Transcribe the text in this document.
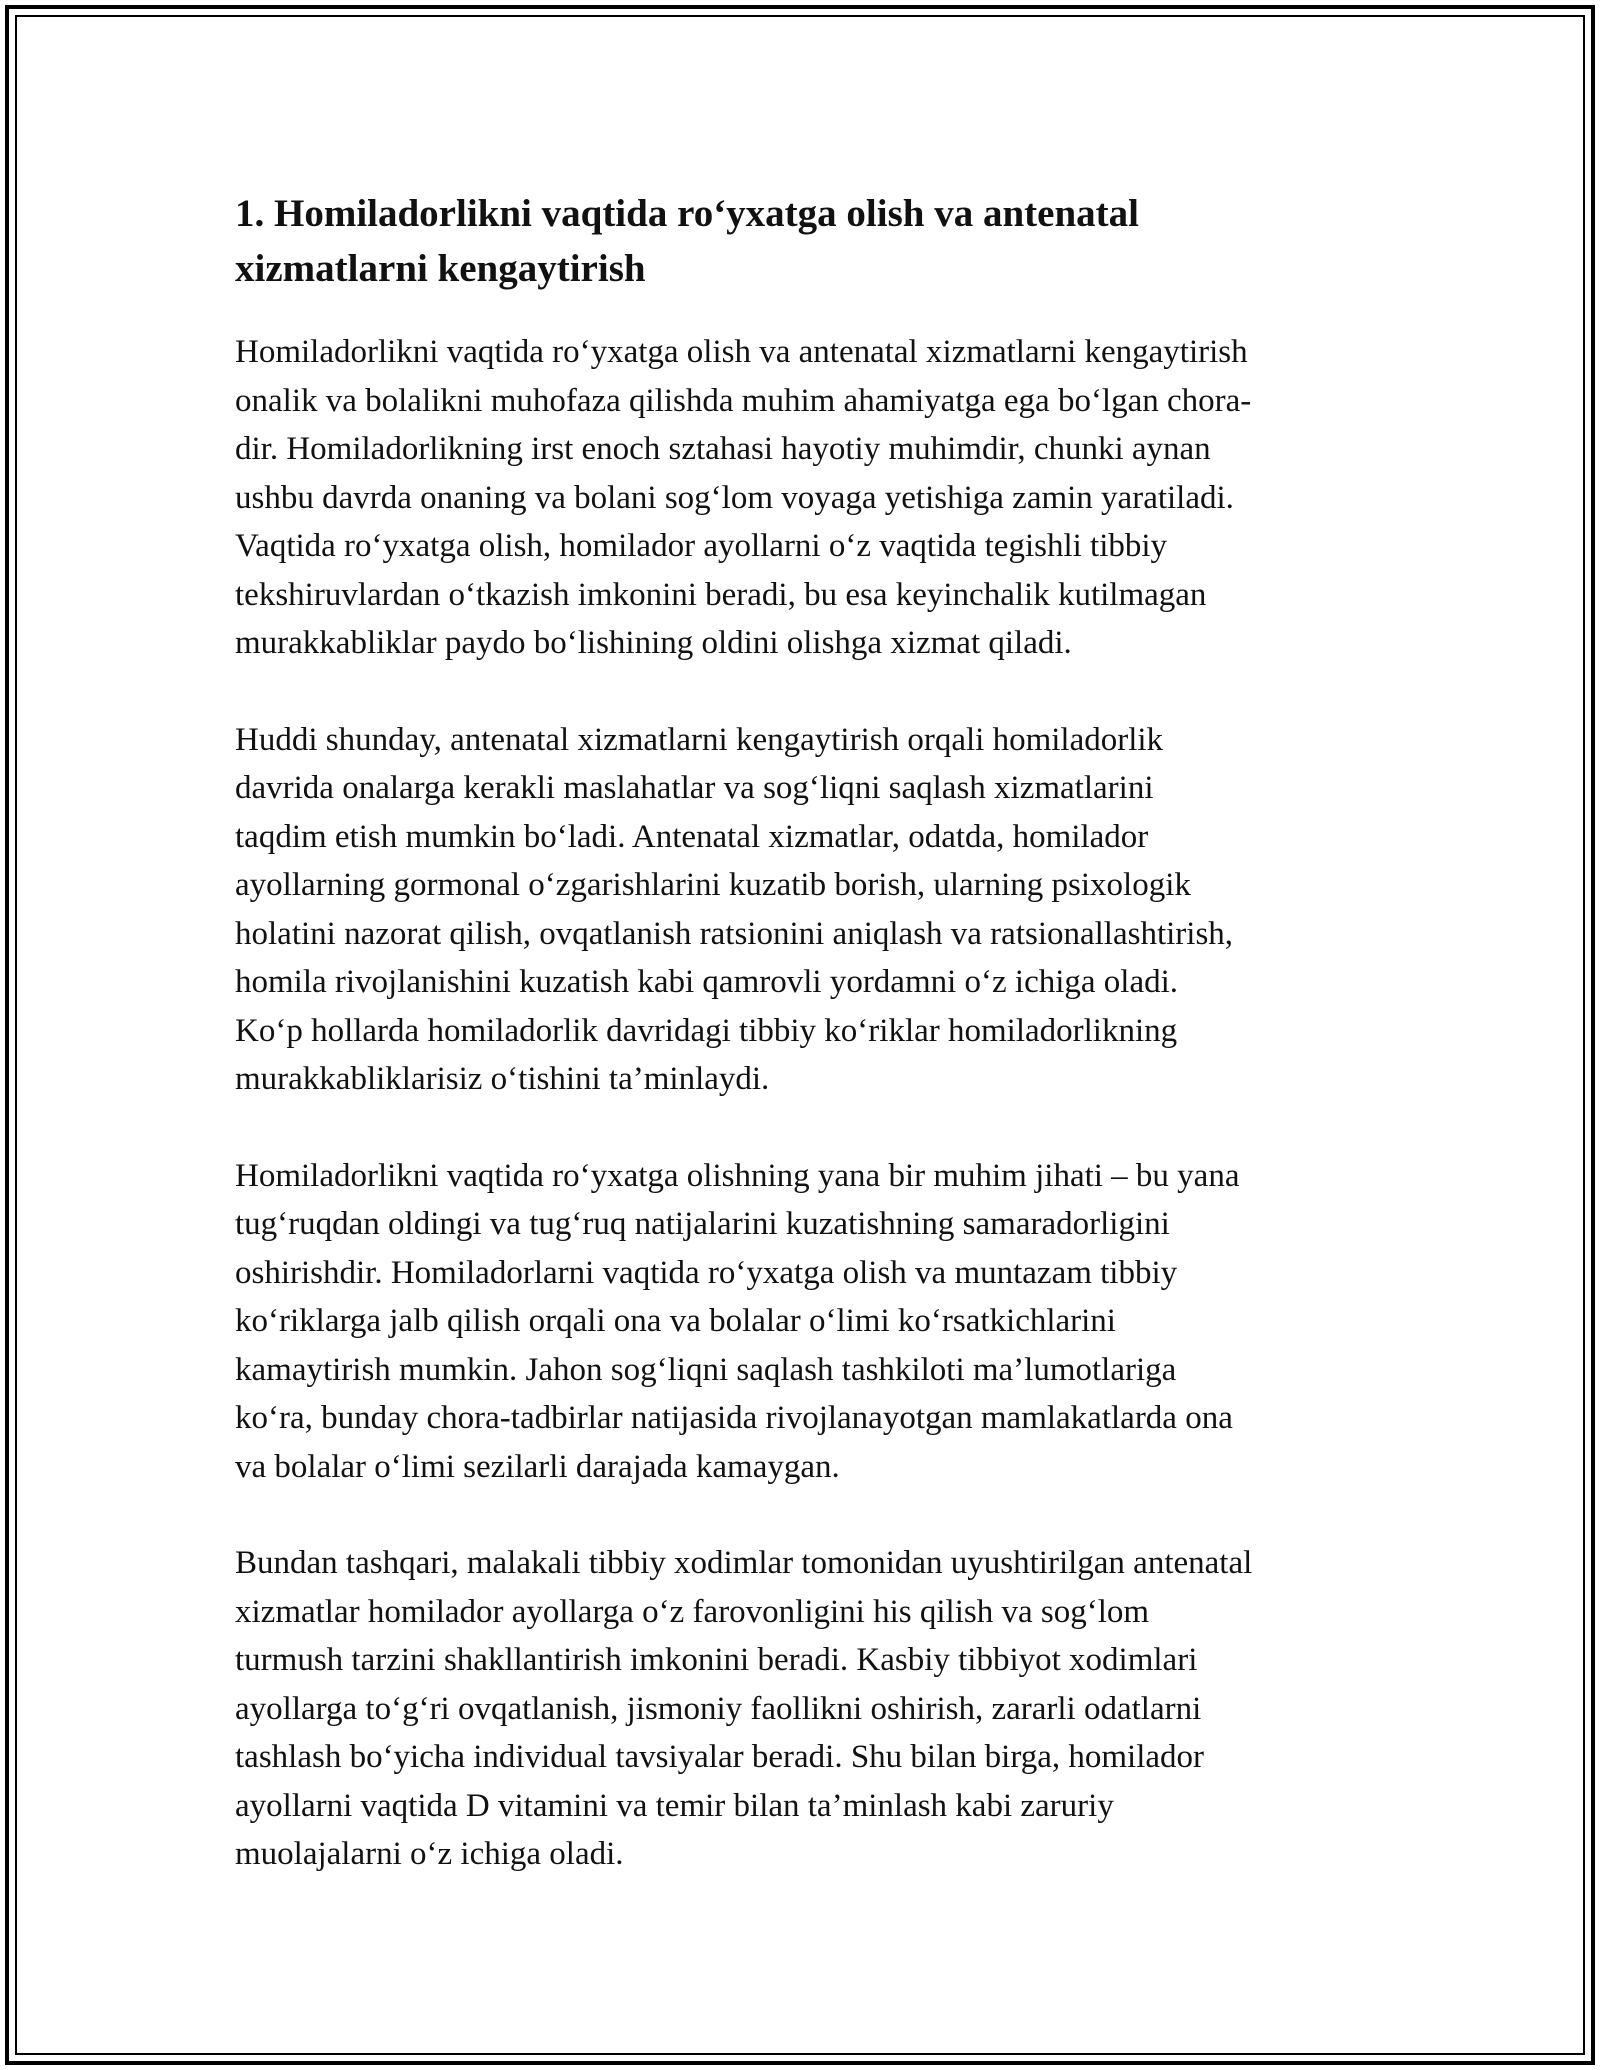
1. Homiladorlikni vaqtida ro‘yxatga olish va antenatal
xizmatlarni kengaytirish

Homiladorlikni vaqtida ro‘yxatga olish va antenatal xizmatlarni kengaytirish
onalik va bolalikni muhofaza qilishda muhim ahamiyatga ega bo‘lgan chora-
dir. Homiladorlikning irst enoch sztahasi hayotiy muhimdir, chunki aynan
ushbu davrda onaning va bolani sog‘lom voyaga yetishiga zamin yaratiladi.
Vaqtida ro‘yxatga olish, homilador ayollarni o‘z vaqtida tegishli tibbiy
tekshiruvlardan o‘tkazish imkonini beradi, bu esa keyinchalik kutilmagan
murakkabliklar paydo bo‘lishining oldini olishga xizmat qiladi.

Huddi shunday, antenatal xizmatlarni kengaytirish orqali homiladorlik
davrida onalarga kerakli maslahatlar va sog‘liqni saqlash xizmatlarini
taqdim etish mumkin bo‘ladi. Antenatal xizmatlar, odatda, homilador
ayollarning gormonal o‘zgarishlarini kuzatib borish, ularning psixologik
holatini nazorat qilish, ovqatlanish ratsionini aniqlash va ratsionallashtirish,
homila rivojlanishini kuzatish kabi qamrovli yordamni o‘z ichiga oladi.
Ko‘p hollarda homiladorlik davridagi tibbiy ko‘riklar homiladorlikning
murakkabliklarisiz o‘tishini ta’minlaydi.

Homiladorlikni vaqtida ro‘yxatga olishning yana bir muhim jihati – bu yana
tug‘ruqdan oldingi va tug‘ruq natijalarini kuzatishning samaradorligini
oshirishdir. Homiladorlarni vaqtida ro‘yxatga olish va muntazam tibbiy
ko‘riklarga jalb qilish orqali ona va bolalar o‘limi ko‘rsatkichlarini
kamaytirish mumkin. Jahon sog‘liqni saqlash tashkiloti ma’lumotlariga
ko‘ra, bunday chora-tadbirlar natijasida rivojlanayotgan mamlakatlarda ona
va bolalar o‘limi sezilarli darajada kamaygan.

Bundan tashqari, malakali tibbiy xodimlar tomonidan uyushtirilgan antenatal
xizmatlar homilador ayollarga o‘z farovonligini his qilish va sog‘lom
turmush tarzini shakllantirish imkonini beradi. Kasbiy tibbiyot xodimlari
ayollarga to‘g‘ri ovqatlanish, jismoniy faollikni oshirish, zararli odatlarni
tashlash bo‘yicha individual tavsiyalar beradi. Shu bilan birga, homilador
ayollarni vaqtida D vitamini va temir bilan ta’minlash kabi zaruriy
muolajalarni o‘z ichiga oladi.
